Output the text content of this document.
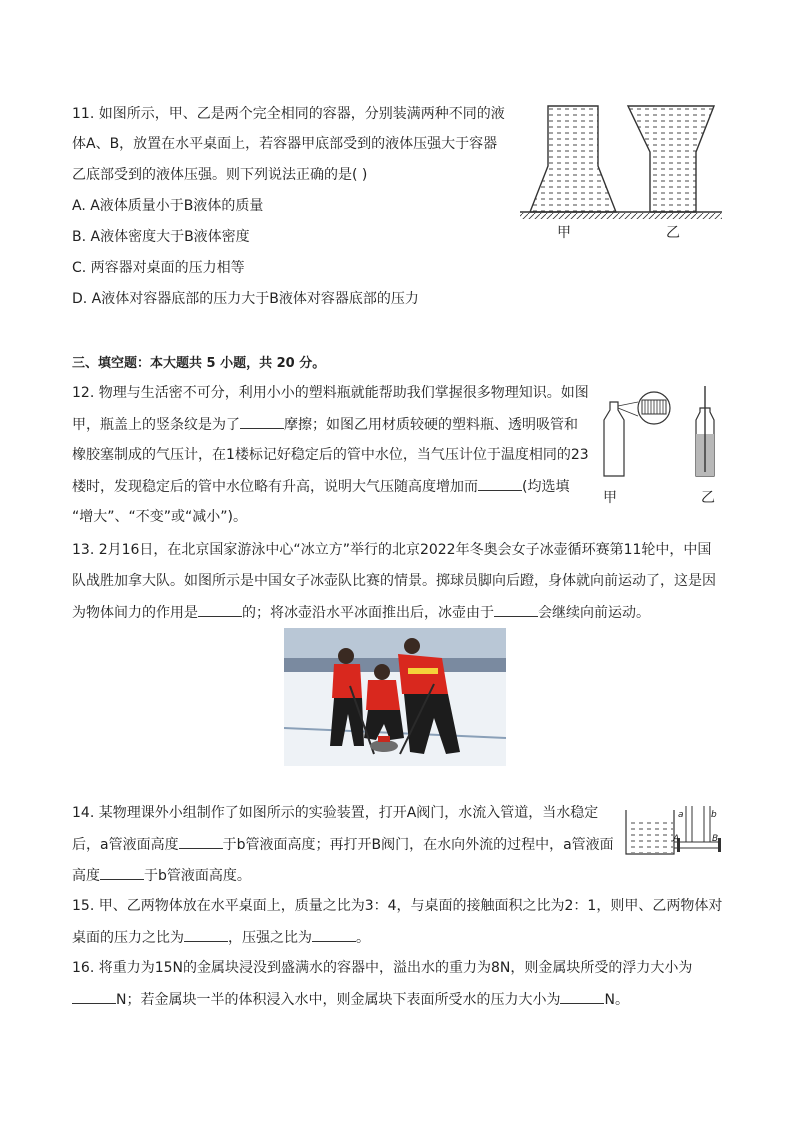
11. 如图所示，甲、乙是两个完全相同的容器，分别装满两种不同的液
体A、B，放置在水平桌面上，若容器甲底部受到的液体压强大于容器
乙底部受到的液体压强。则下列说法正确的是( )
A. A液体质量小于B液体的质量
B. A液体密度大于B液体密度
C. 两容器对桌面的压力相等
D. A液体对容器底部的压力大于B液体对容器底部的压力
甲	乙
三、填空题：本大题共 5 小题，共 20 分。
12. 物理与生活密不可分，利用小小的塑料瓶就能帮助我们掌握很多物理知识。如图
甲，瓶盖上的竖条纹是为了	摩擦；如图乙用材质较硬的塑料瓶、透明吸管和
橡胶塞制成的气压计，在1楼标记好稳定后的管中水位，当气压计位于温度相同的23
楼时，发现稳定后的管中水位略有升高，说明大气压随高度增加而	(均选填
“增大”、“不变”或“减小”)。
甲	乙
13. 2月16日，在北京国家游泳中心“冰立方”举行的北京2022年冬奥会女子冰壶循环赛第11轮中，中国
队战胜加拿大队。如图所示是中国女子冰壶队比赛的情景。掷球员脚向后蹬，身体就向前运动了，这是因
为物体间力的作用是	的；将冰壶沿水平冰面推出后，冰壶由于	会继续向前运动。
14. 某物理课外小组制作了如图所示的实验装置，打开A阀门，水流入管道，当水稳定
后，a管液面高度	于b管液面高度；再打开B阀门，在水向外流的过程中，a管液面
高度	于b管液面高度。
a	b
A	B
15. 甲、乙两物体放在水平桌面上，质量之比为3：4，与桌面的接触面积之比为2：1，则甲、乙两物体对
桌面的压力之比为	，压强之比为	。
16. 将重力为15N的金属块浸没到盛满水的容器中，溢出水的重力为8N，则金属块所受的浮力大小为
N；若金属块一半的体积浸入水中，则金属块下表面所受水的压力大小为	N。
